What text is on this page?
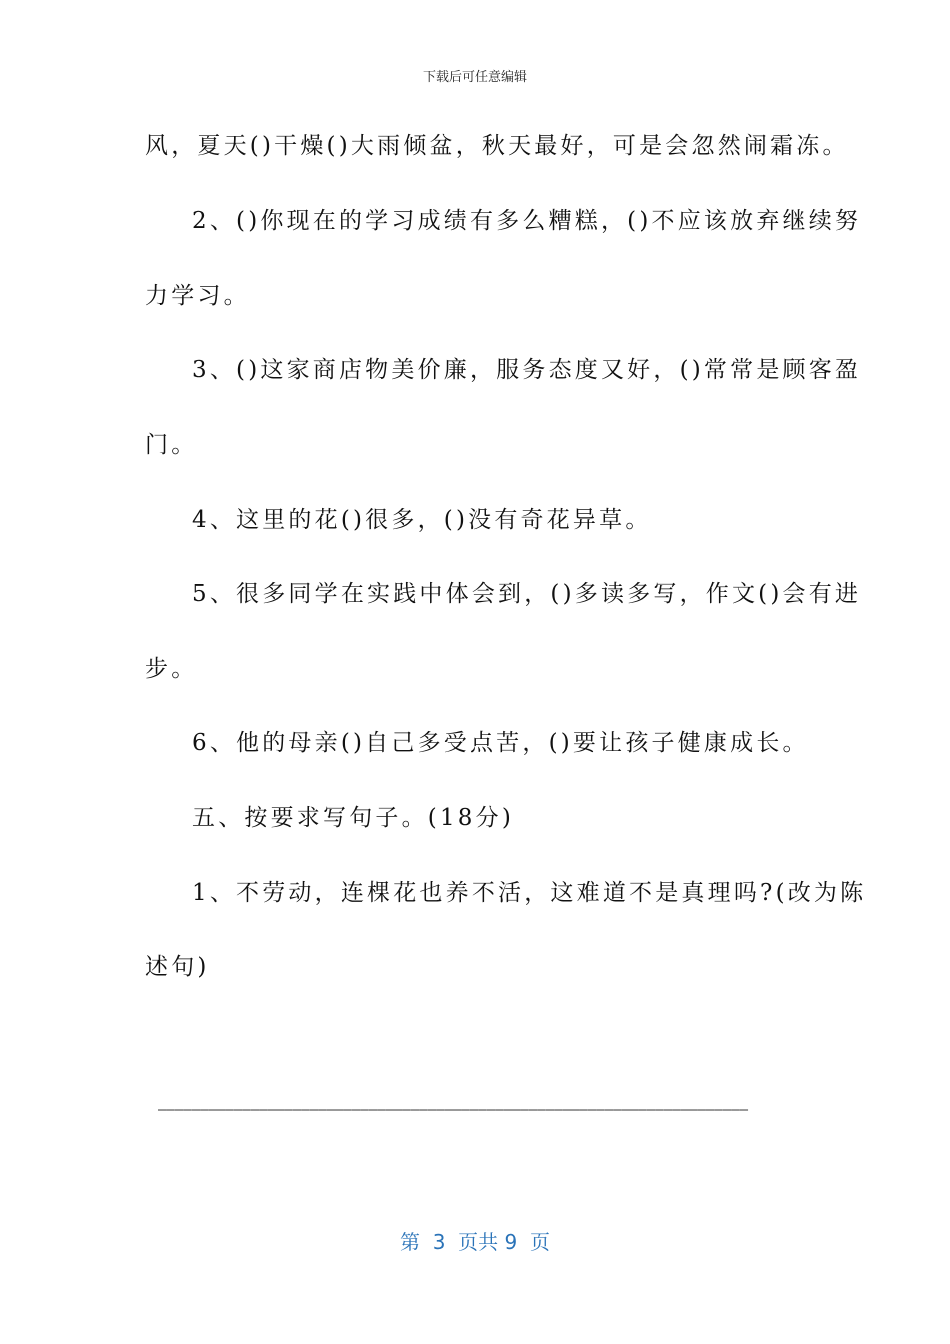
下载后可任意编辑
风，夏天()干燥()大雨倾盆，秋天最好，可是会忽然闹霜冻。
2、()你现在的学习成绩有多么糟糕，()不应该放弃继续努
力学习。
3、()这家商店物美价廉，服务态度又好，()常常是顾客盈
门。
4、这里的花()很多，()没有奇花异草。
5、很多同学在实践中体会到，()多读多写，作文()会有进
步。
6、他的母亲()自己多受点苦，()要让孩子健康成长。
五、按要求写句子。(18分)
1、不劳动，连棵花也养不活，这难道不是真理吗?(改为陈
述句)
——————————————————————————————————————————————————————————————————————
第  3  页共 9  页
